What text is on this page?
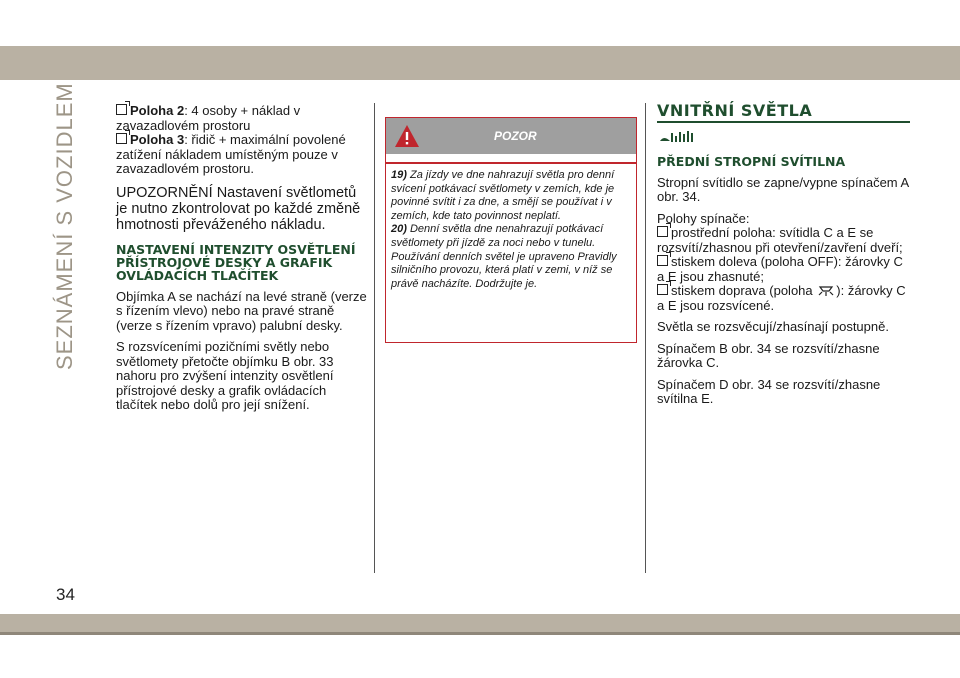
SEZNÁMENÍ S VOZIDLEM
34

Poloha 2: 4 osoby + náklad v zavazadlovém prostoru

Poloha 3: řidič + maximální povolené zatížení nákladem umístěným pouze v zavazadlovém prostoru.

UPOZORNĚNÍ Nastavení světlometů je nutno zkontrolovat po každé změně hmotnosti převáženého nákladu.

NASTAVENÍ INTENZITY OSVĚTLENÍ PŘÍSTROJOVÉ DESKY A GRAFIK OVLÁDACÍCH TLAČÍTEK

Objímka A se nachází na levé straně (verze s řízením vlevo) nebo na pravé straně (verze s řízením vpravo) palubní desky.

S rozsvíceními pozičními světly nebo světlomety přetočte objímku B obr. 33 nahoru pro zvýšení intenzity osvětlení přístrojové desky a grafik ovládacích tlačítek nebo dolů pro její snížení.

POZOR
19) Za jízdy ve dne nahrazují světla pro denní svícení potkávací světlomety v zemích, kde je povinné svítit i za dne, a smějí se používat i v zemích, kde tato povinnost neplatí.
20) Denní světla dne nenahrazují potkávací světlomety při jízdě za noci nebo v tunelu. Používání denních světel je upraveno Pravidly silničního provozu, která platí v zemi, v níž se právě nacházíte. Dodržujte je.
VNITŘNÍ SVĚTLA
PŘEDNÍ STROPNÍ SVÍTILNA

Stropní svítidlo se zapne/vypne spínačem A obr. 34.

Polohy spínače:

prostřední poloha: svítidla C a E se rozsvítí/zhasnou při otevření/zavření dveří;

stiskem doleva (poloha OFF): žárovky C a E jsou zhasnuté;

stiskem doprava (poloha ): žárovky C a E jsou rozsvícené.

Světla se rozsvěcují/zhasínají postupně.

Spínačem B obr. 34 se rozsvítí/zhasne žárovka C.

Spínačem D obr. 34 se rozsvítí/zhasne svítilna E.
